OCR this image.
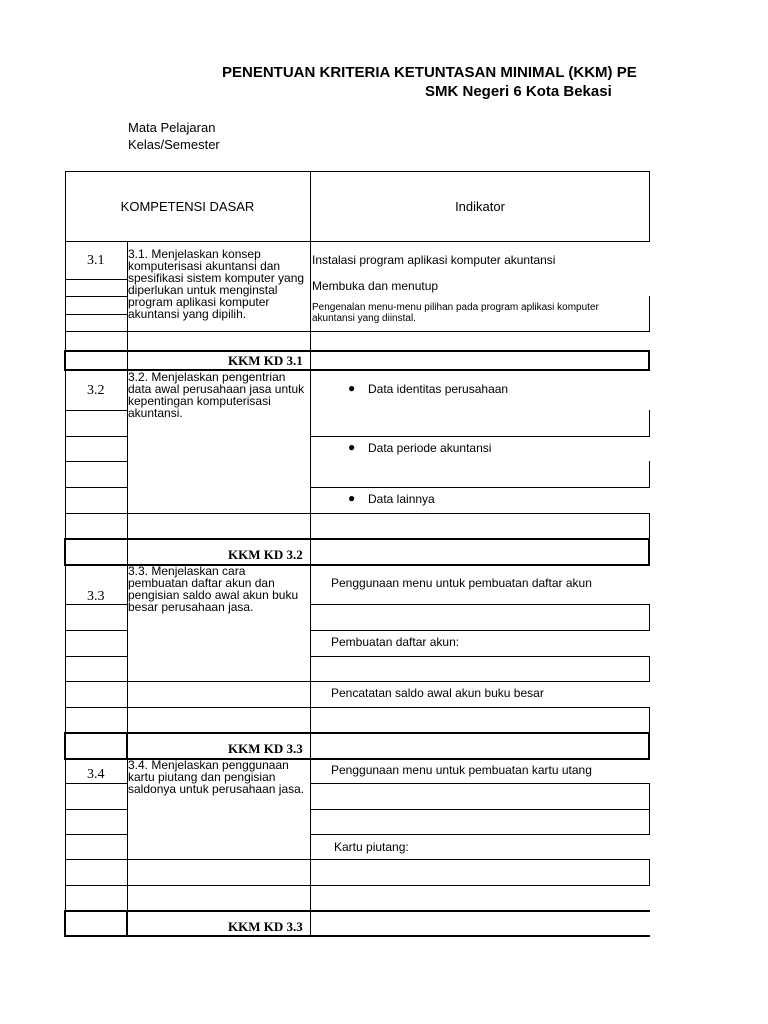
PENENTUAN KRITERIA KETUNTASAN MINIMAL (KKM) PE
SMK Negeri 6 Kota Bekasi
Mata Pelajaran
Kelas/Semester
KOMPETENSI DASAR	Indikator
3.1 3.1. Menjelaskan konsep komputerisasi akuntansi dan spesifikasi sistem komputer yang diperlukan untuk menginstal program aplikasi komputer akuntansi yang dipilih.
Instalasi program aplikasi komputer akuntansi
Membuka dan menutup
Pengenalan menu-menu pilihan pada program aplikasi komputer akuntansi yang diinstal.
KKM KD 3.1
3.2
3.2. Menjelaskan pengentrian data awal perusahaan jasa untuk kepentingan komputerisasi akuntansi.
● Data identitas perusahaan
● Data periode akuntansi
● Data lainnya
KKM KD 3.2
3.3
3.3. Menjelaskan cara pembuatan daftar akun dan pengisian saldo awal akun buku besar perusahaan jasa.
Penggunaan menu untuk pembuatan daftar akun
Pembuatan daftar akun:
Pencatatan saldo awal akun buku besar
KKM KD 3.3
3.4
3.4. Menjelaskan penggunaan kartu piutang dan pengisian saldonya untuk perusahaan jasa.
Penggunaan menu untuk pembuatan kartu utang
Kartu piutang:
KKM KD 3.3
